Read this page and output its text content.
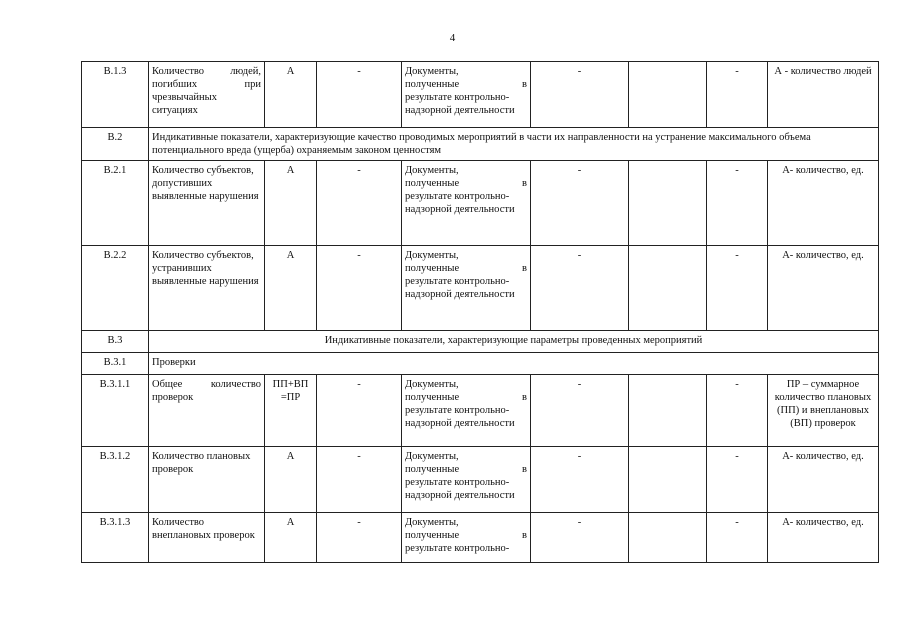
4
В.1.3	Количество людей, погибших при чрезвычайных ситуациях	А	-	Документы,
полученные в
результате контрольно-
надзорной деятельности	-		-	А - количество людей
В.2	Индикативные показатели, характеризующие качество проводимых мероприятий в части их направленности на устранение максимального объема потенциального вреда (ущерба) охраняемым законом ценностям							
В.2.1	Количество субъектов, допустивших выявленные нарушения	А	-	Документы,
полученные в
результате контрольно-
надзорной деятельности	-		-	А- количество, ед.
В.2.2	Количество субъектов, устранивших выявленные нарушения	А	-	Документы,
полученные в
результате контрольно-
надзорной деятельности	-		-	А- количество, ед.
В.3	Индикативные показатели, характеризующие параметры проведенных мероприятий							
В.3.1	Проверки							
В.3.1.1	Общее количество проверок	ПП+ВП =ПР	-	Документы,
полученные в
результате контрольно-
надзорной деятельности	-		-	ПР – суммарное количество плановых (ПП) и внеплановых (ВП) проверок
В.3.1.2	Количество плановых проверок	А	-	Документы,
полученные в
результате контрольно-
надзорной деятельности	-		-	А- количество, ед.
В.3.1.3	Количество внеплановых проверок	А	-	Документы,
полученные в
результате контрольно-	-		-	А- количество, ед.
